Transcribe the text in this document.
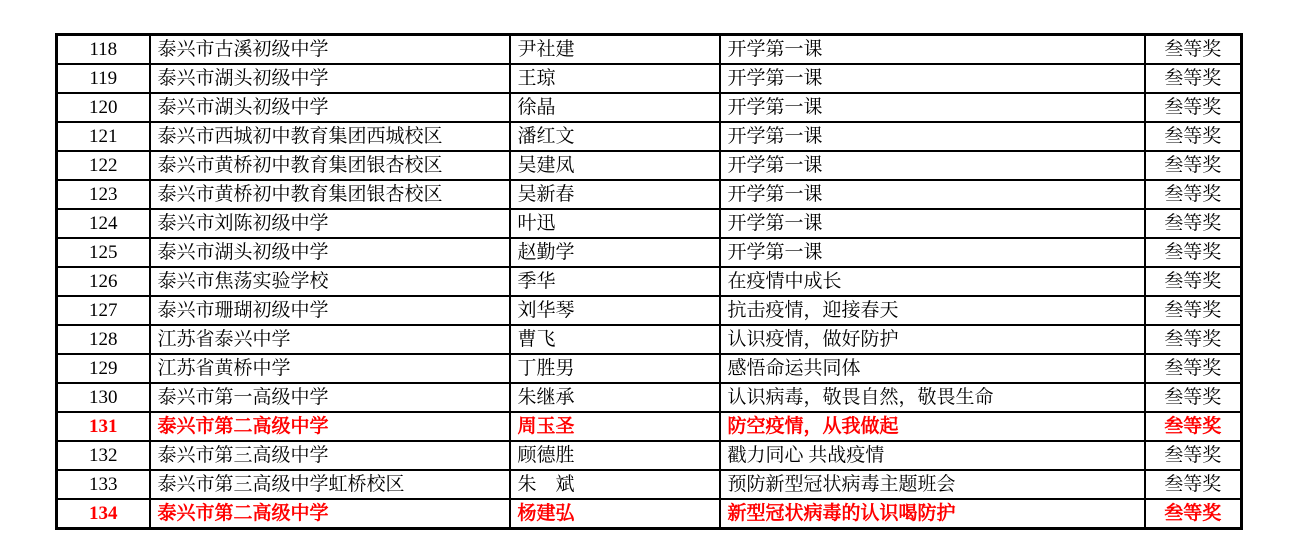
118	泰兴市古溪初级中学	尹社建	开学第一课	叁等奖
119	泰兴市湖头初级中学	王琼	开学第一课	叁等奖
120	泰兴市湖头初级中学	徐晶	开学第一课	叁等奖
121	泰兴市西城初中教育集团西城校区	潘红文	开学第一课	叁等奖
122	泰兴市黄桥初中教育集团银杏校区	吴建凤	开学第一课	叁等奖
123	泰兴市黄桥初中教育集团银杏校区	吴新春	开学第一课	叁等奖
124	泰兴市刘陈初级中学	叶迅	开学第一课	叁等奖
125	泰兴市湖头初级中学	赵勤学	开学第一课	叁等奖
126	泰兴市焦荡实验学校	季华	在疫情中成长	叁等奖
127	泰兴市珊瑚初级中学	刘华琴	抗击疫情，迎接春天	叁等奖
128	江苏省泰兴中学	曹飞	认识疫情，做好防护	叁等奖
129	江苏省黄桥中学	丁胜男	感悟命运共同体	叁等奖
130	泰兴市第一高级中学	朱继承	认识病毒，敬畏自然，敬畏生命	叁等奖
131	泰兴市第二高级中学	周玉圣	防空疫情，从我做起	叁等奖
132	泰兴市第三高级中学	顾德胜	戳力同心 共战疫情	叁等奖
133	泰兴市第三高级中学虹桥校区	朱　斌	预防新型冠状病毒主题班会	叁等奖
134	泰兴市第二高级中学	杨建弘	新型冠状病毒的认识喝防护	叁等奖
